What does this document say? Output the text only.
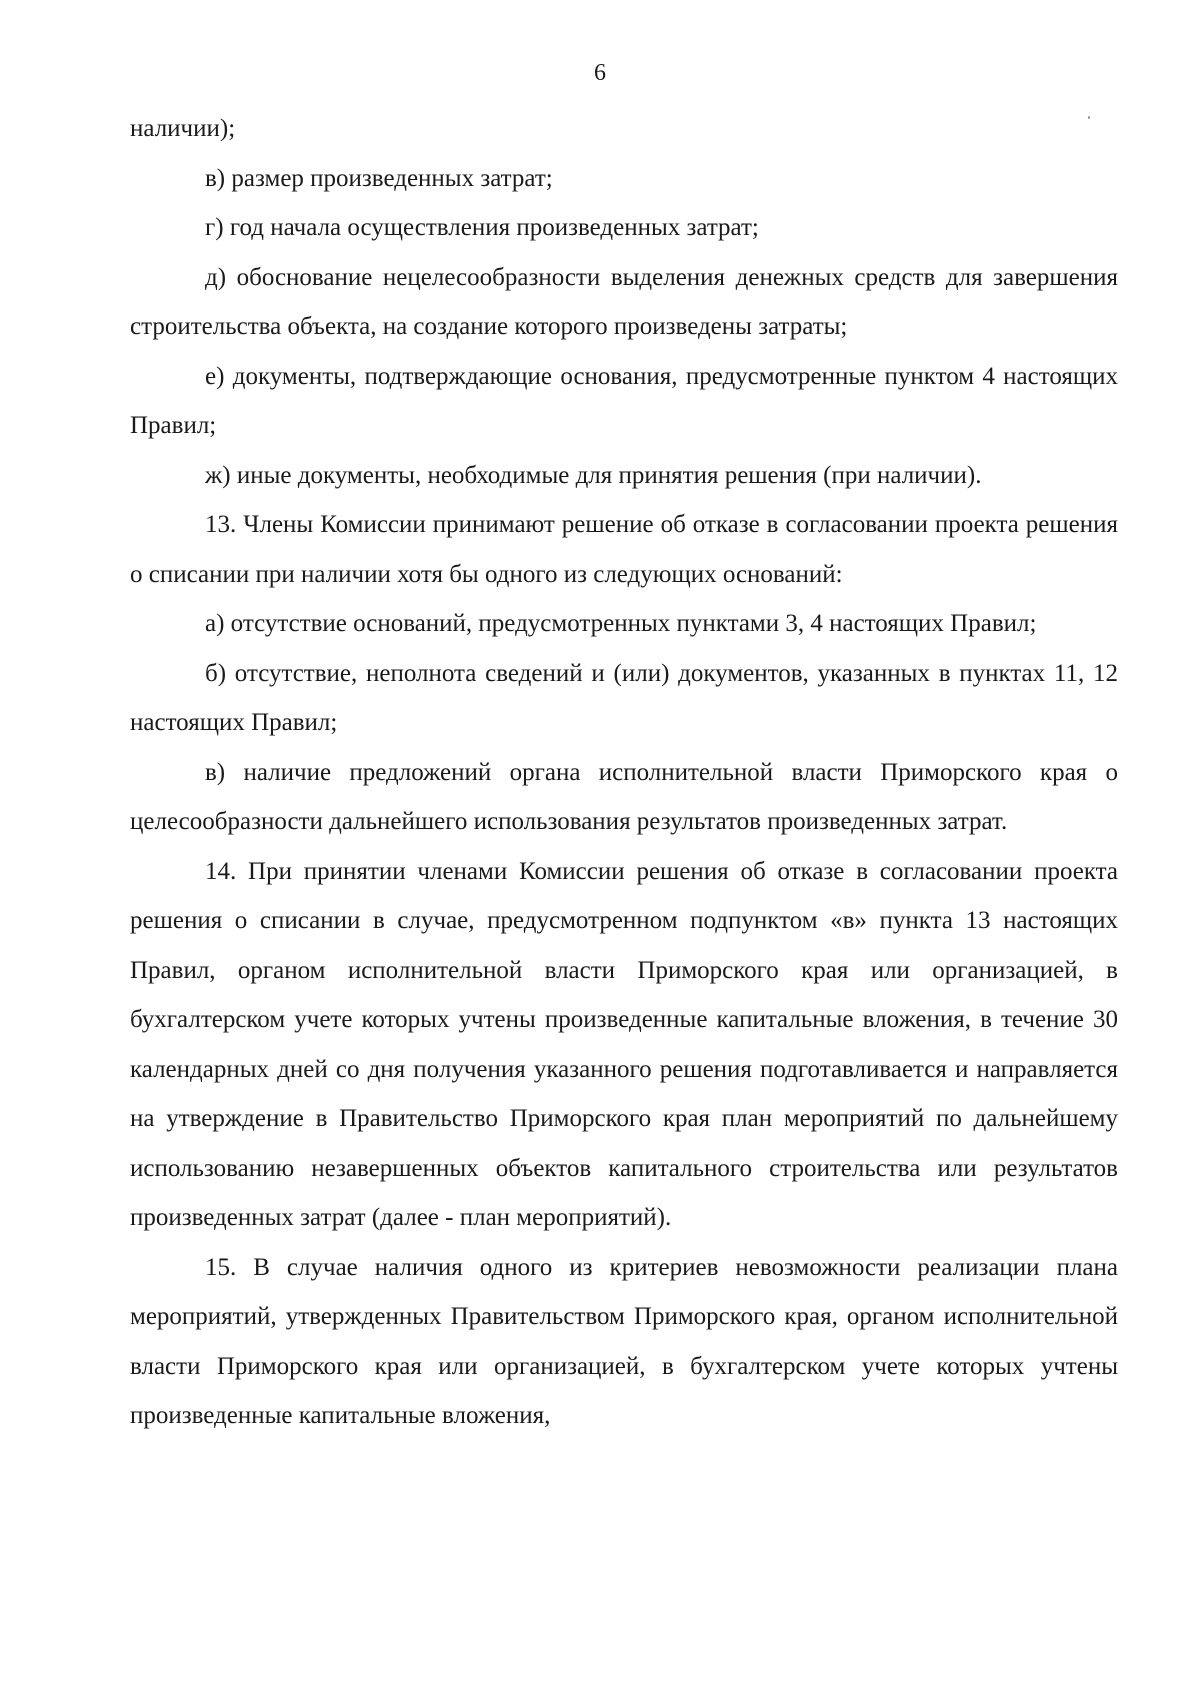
6

наличии);

в) размер произведенных затрат;

г) год начала осуществления произведенных затрат;

д) обоснование нецелесообразности выделения денежных средств для завершения строительства объекта, на создание которого произведены затраты;

е) документы, подтверждающие основания, предусмотренные пунктом 4 настоящих Правил;

ж) иные документы, необходимые для принятия решения (при наличии).

13. Члены Комиссии принимают решение об отказе в согласовании проекта решения о списании при наличии хотя бы одного из следующих оснований:

а) отсутствие оснований, предусмотренных пунктами 3, 4 настоящих Правил;

б) отсутствие, неполнота сведений и (или) документов, указанных в пунктах 11, 12 настоящих Правил;

в) наличие предложений органа исполнительной власти Приморского края о целесообразности дальнейшего использования результатов произведенных затрат.

14. При принятии членами Комиссии решения об отказе в согласовании проекта решения о списании в случае, предусмотренном подпунктом «в» пункта 13 настоящих Правил, органом исполнительной власти Приморского края или организацией, в бухгалтерском учете которых учтены произведенные капитальные вложения, в течение 30 календарных дней со дня получения указанного решения подготавливается и направляется на утверждение в Правительство Приморского края план мероприятий по дальнейшему использованию незавершенных объектов капитального строительства или результатов произведенных затрат (далее - план мероприятий).

15. В случае наличия одного из критериев невозможности реализации плана мероприятий, утвержденных Правительством Приморского края, органом исполнительной власти Приморского края или организацией, в бухгалтерском учете которых учтены произведенные капитальные вложения,
